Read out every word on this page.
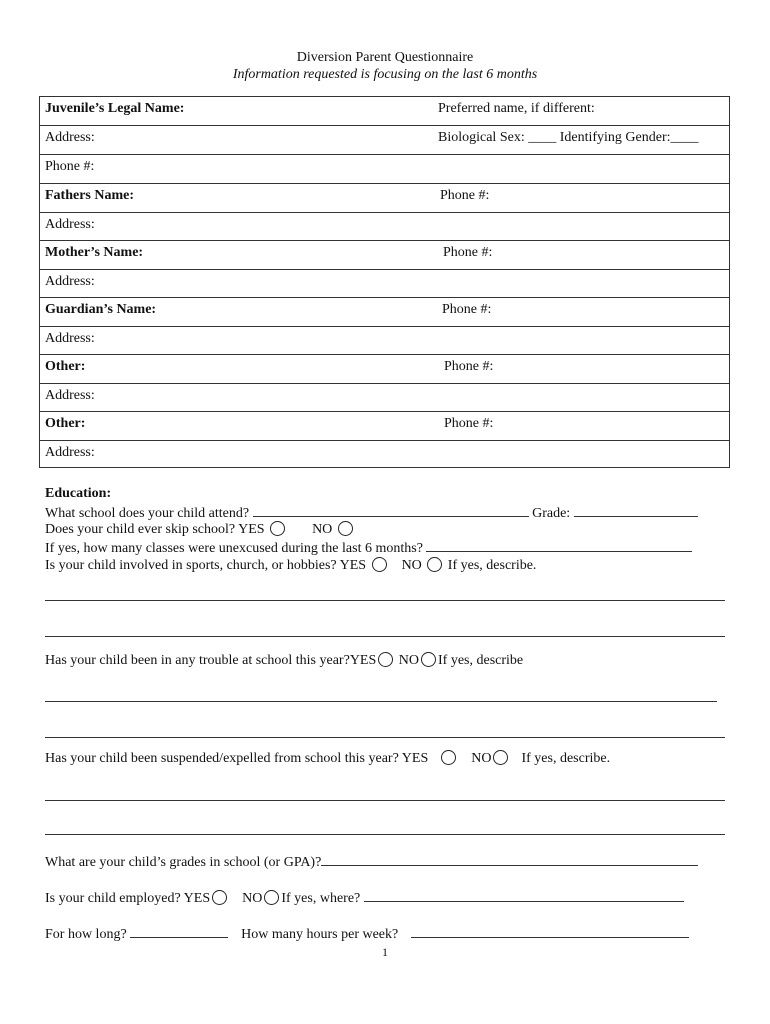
Diversion Parent Questionnaire
Information requested is focusing on the last 6 months
Juvenile’s Legal Name:	Preferred name, if different:
Address:	Biological Sex: ____ Identifying Gender:____
Phone #:
Fathers Name:	Phone #:
Address:
Mother’s Name:	Phone #:
Address:
Guardian’s Name:	Phone #:
Address:
Other:	Phone #:
Address:
Other:	Phone #:
Address:
Education:
What school does your child attend?	Grade:
Does your child ever skip school? YES	NO
If yes, how many classes were unexcused during the last 6 months?
Is your child involved in sports, church, or hobbies? YES	NO If yes, describe.
Has your child been in any trouble at school this year?YES NO If yes, describe
Has your child been suspended/expelled from school this year? YES	NO If yes, describe.
What are your child’s grades in school (or GPA)?
Is your child employed? YES NO If yes, where?
For how long?	How many hours per week?
1
